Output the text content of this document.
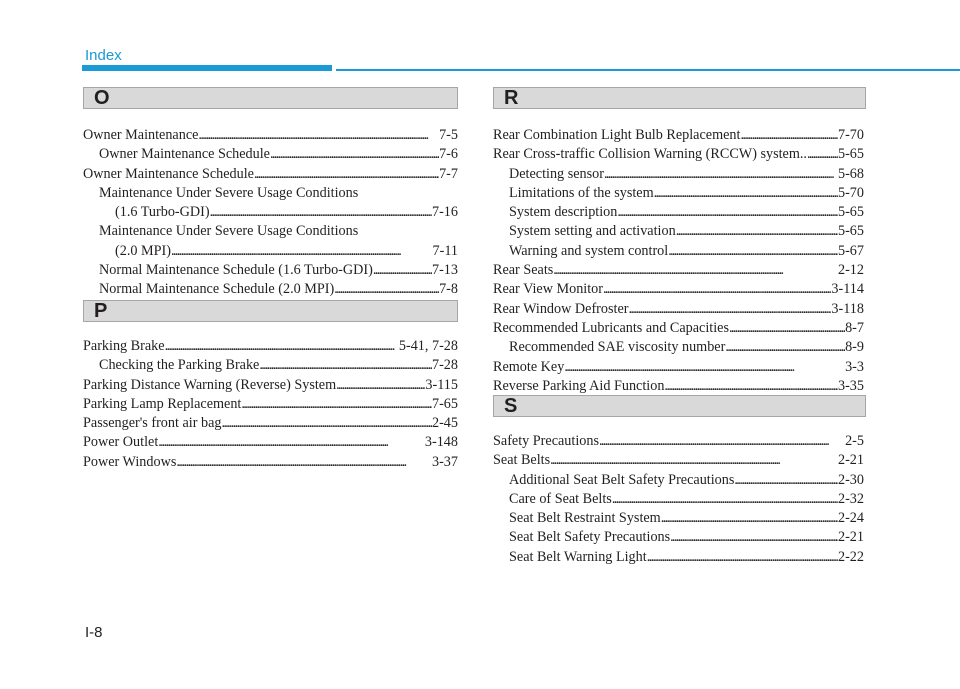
Index
O
Owner Maintenance . . .	7-5
Owner Maintenance Schedule . . .	7-6
Owner Maintenance Schedule . . .	7-7
Maintenance Under Severe Usage Conditions
(1.6 Turbo-GDI) . . .	7-16
Maintenance Under Severe Usage Conditions
(2.0 MPI) . . .	7-11
Normal Maintenance Schedule (1.6 Turbo-GDI) . . .	7-13
Normal Maintenance Schedule (2.0 MPI) . . .	7-8
P
Parking Brake . . .	5-41, 7-28
Checking the Parking Brake . . .	7-28
Parking Distance Warning (Reverse) System . . .	3-115
Parking Lamp Replacement . . .	7-65
Passenger's front air bag . . .	2-45
Power Outlet . . .	3-148
Power Windows . . .	3-37
R
Rear Combination Light Bulb Replacement . . .	7-70
Rear Cross-traffic Collision Warning (RCCW) system.. . . . 5-65
Detecting sensor . . .	5-68
Limitations of the system . . .	5-70
System description . . .	5-65
System setting and activation . . .	5-65
Warning and system control . . .	5-67
Rear Seats . . .	2-12
Rear View Monitor . . .	3-114
Rear Window Defroster . . .	3-118
Recommended Lubricants and Capacities . . .	8-7
Recommended SAE viscosity number . . .	8-9
Remote Key . . .	3-3
Reverse Parking Aid Function . . .	3-35
S
Safety Precautions . . .	2-5
Seat Belts . . .	2-21
Additional Seat Belt Safety Precautions . . .	2-30
Care of Seat Belts . . .	2-32
Seat Belt Restraint System . . .	2-24
Seat Belt Safety Precautions . . .	2-21
Seat Belt Warning Light . . .	2-22
I-8
